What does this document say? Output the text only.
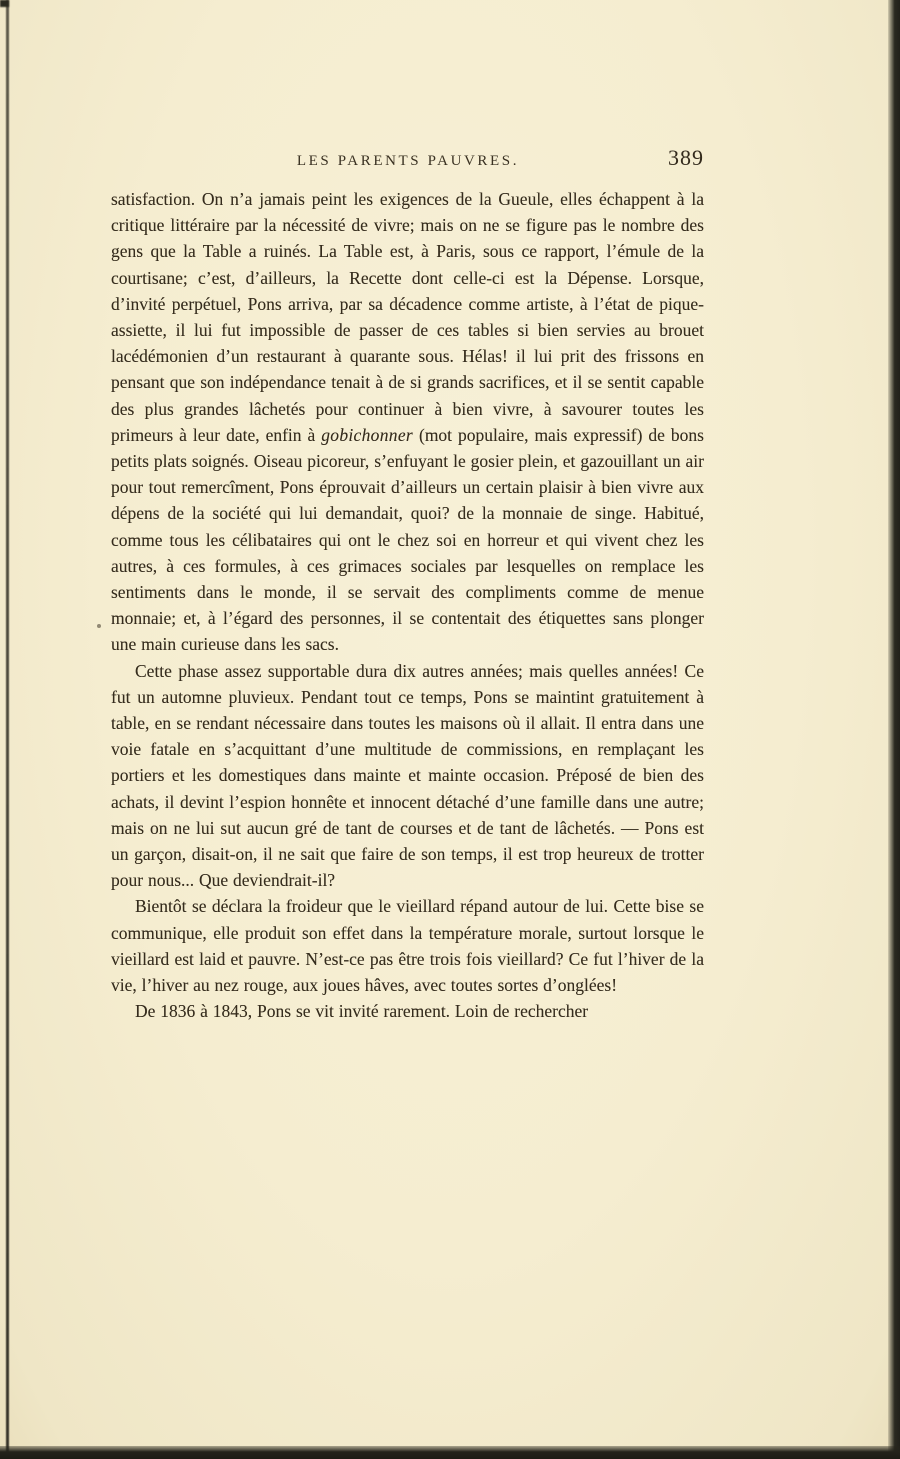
LES PARENTS PAUVRES.	389

satisfaction. On n’a jamais peint les exigences de la Gueule, elles échappent à la critique littéraire par la nécessité de vivre; mais on ne se figure pas le nombre des gens que la Table a ruinés. La Table est, à Paris, sous ce rapport, l’émule de la courtisane; c’est, d’ailleurs, la Recette dont celle-ci est la Dépense. Lorsque, d’invité perpétuel, Pons arriva, par sa décadence comme artiste, à l’état de pique-assiette, il lui fut impossible de passer de ces tables si bien servies au brouet lacédémonien d’un restaurant à quarante sous. Hélas! il lui prit des frissons en pensant que son indépendance tenait à de si grands sacrifices, et il se sentit capable des plus grandes lâchetés pour continuer à bien vivre, à savourer toutes les primeurs à leur date, enfin à gobichonner (mot populaire, mais expressif) de bons petits plats soignés. Oiseau picoreur, s’enfuyant le gosier plein, et gazouillant un air pour tout remercîment, Pons éprouvait d’ailleurs un certain plaisir à bien vivre aux dépens de la société qui lui demandait, quoi? de la monnaie de singe. Habitué, comme tous les célibataires qui ont le chez soi en horreur et qui vivent chez les autres, à ces formules, à ces grimaces sociales par lesquelles on remplace les sentiments dans le monde, il se servait des compliments comme de menue monnaie; et, à l’égard des personnes, il se contentait des étiquettes sans plonger une main curieuse dans les sacs.

Cette phase assez supportable dura dix autres années; mais quelles années! Ce fut un automne pluvieux. Pendant tout ce temps, Pons se maintint gratuitement à table, en se rendant nécessaire dans toutes les maisons où il allait. Il entra dans une voie fatale en s’acquittant d’une multitude de commissions, en remplaçant les portiers et les domestiques dans mainte et mainte occasion. Préposé de bien des achats, il devint l’espion honnête et innocent détaché d’une famille dans une autre; mais on ne lui sut aucun gré de tant de courses et de tant de lâchetés. — Pons est un garçon, disait-on, il ne sait que faire de son temps, il est trop heureux de trotter pour nous... Que deviendrait-il?

Bientôt se déclara la froideur que le vieillard répand autour de lui. Cette bise se communique, elle produit son effet dans la température morale, surtout lorsque le vieillard est laid et pauvre. N’est-ce pas être trois fois vieillard? Ce fut l’hiver de la vie, l’hiver au nez rouge, aux joues hâves, avec toutes sortes d’onglées!

De 1836 à 1843, Pons se vit invité rarement. Loin de rechercher
